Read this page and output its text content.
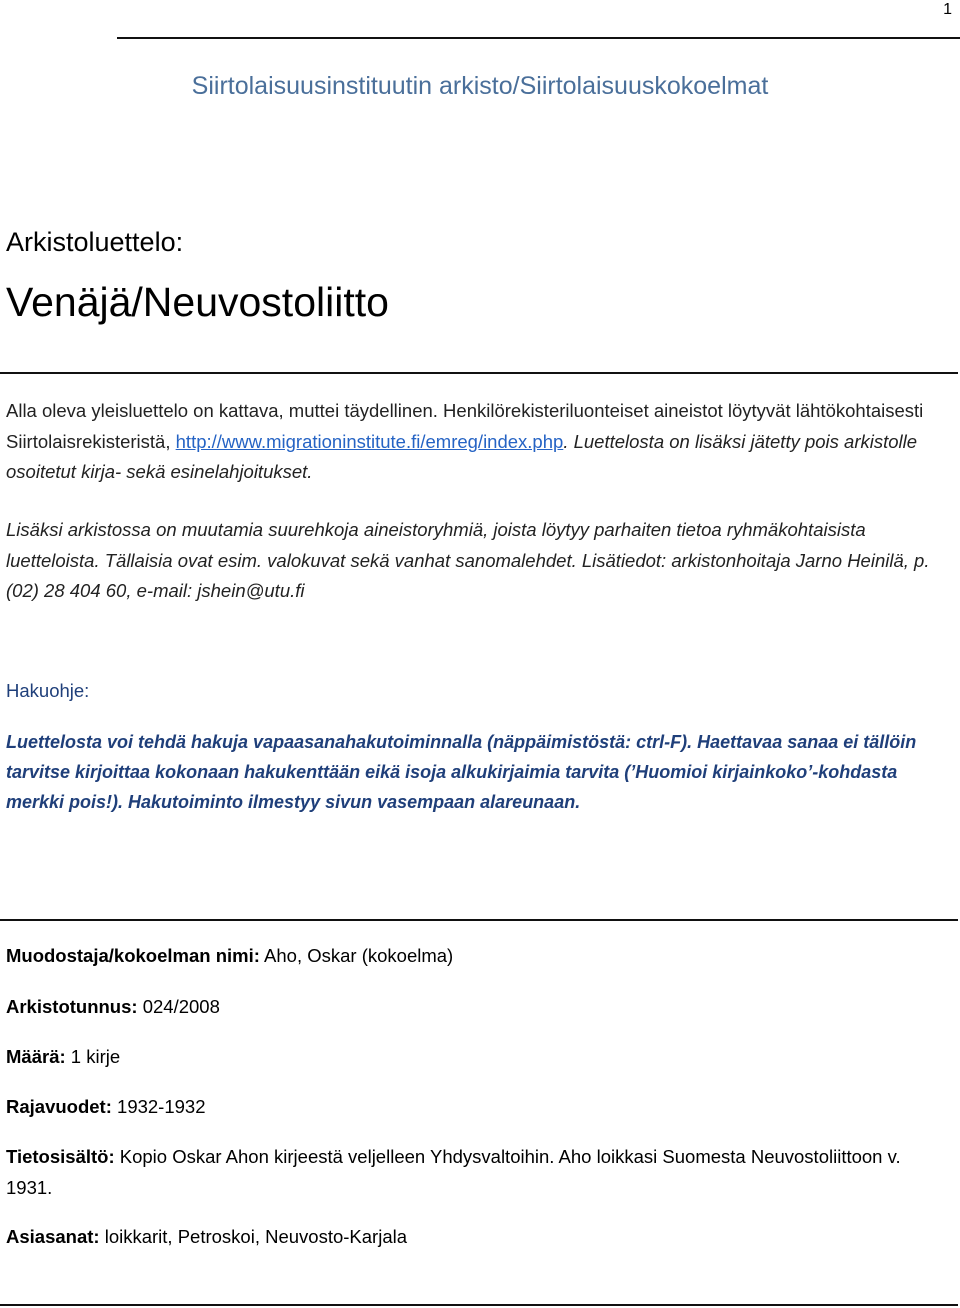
1
Siirtolaisuusinstituutin arkisto/Siirtolaisuuskokoelmat
Arkistoluettelo:
Venäjä/Neuvostoliitto
Alla oleva yleisluettelo on kattava, muttei täydellinen. Henkilörekisteriluonteiset aineistot löytyvät lähtökohtaisesti Siirtolaisrekisteristä, http://www.migrationinstitute.fi/emreg/index.php. Luettelosta on lisäksi jätetty pois arkistolle osoitetut kirja- sekä esinelahjoitukset.
Lisäksi arkistossa on muutamia suurehkoja aineistoryhmiä, joista löytyy parhaiten tietoa ryhmäkohtaisista luetteloista. Tällaisia ovat esim. valokuvat sekä vanhat sanomalehdet. Lisätiedot: arkistonhoitaja Jarno Heinilä, p. (02) 28 404 60, e-mail: jshein@utu.fi
Hakuohje:
Luettelosta voi tehdä hakuja vapaasanahakutoiminnalla (näppäimistöstä: ctrl-F). Haettavaa sanaa ei tällöin tarvitse kirjoittaa kokonaan hakukenttään eikä isoja alkukirjaimia tarvita (’Huomioi kirjainkoko’-kohdasta merkki pois!). Hakutoiminto ilmestyy sivun vasempaan alareunaan.
Muodostaja/kokoelman nimi: Aho, Oskar (kokoelma)
Arkistotunnus: 024/2008
Määrä: 1 kirje
Rajavuodet: 1932-1932
Tietosisältö: Kopio Oskar Ahon kirjeestä veljelleen Yhdysvaltoihin. Aho loikkasi Suomesta Neuvostoliittoon v. 1931.
Asiasanat: loikkarit, Petroskoi, Neuvosto-Karjala
